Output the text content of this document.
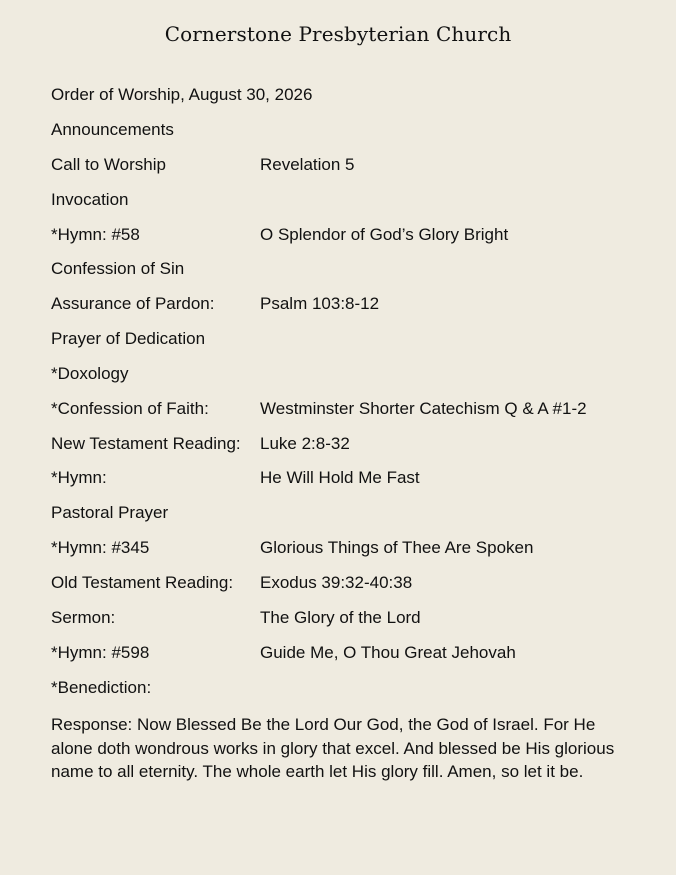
Cornerstone Presbyterian Church
Order of Worship, August 30, 2026
Announcements
Call to Worship	Revelation 5
Invocation
*Hymn: #58	O Splendor of God’s Glory Bright
Confession of Sin
Assurance of Pardon:	Psalm 103:8-12
Prayer of Dedication
*Doxology
*Confession of Faith:	Westminster Shorter Catechism Q & A #1-2
New Testament Reading:	Luke 2:8-32
*Hymn:	He Will Hold Me Fast
Pastoral Prayer
*Hymn: #345	Glorious Things of Thee Are Spoken
Old Testament Reading:	Exodus 39:32-40:38
Sermon:	The Glory of the Lord
*Hymn: #598	Guide Me, O Thou Great Jehovah
*Benediction:
Response: Now Blessed Be the Lord Our God, the God of Israel. For He alone doth wondrous works in glory that excel. And blessed be His glorious name to all eternity. The whole earth let His glory fill. Amen, so let it be.
